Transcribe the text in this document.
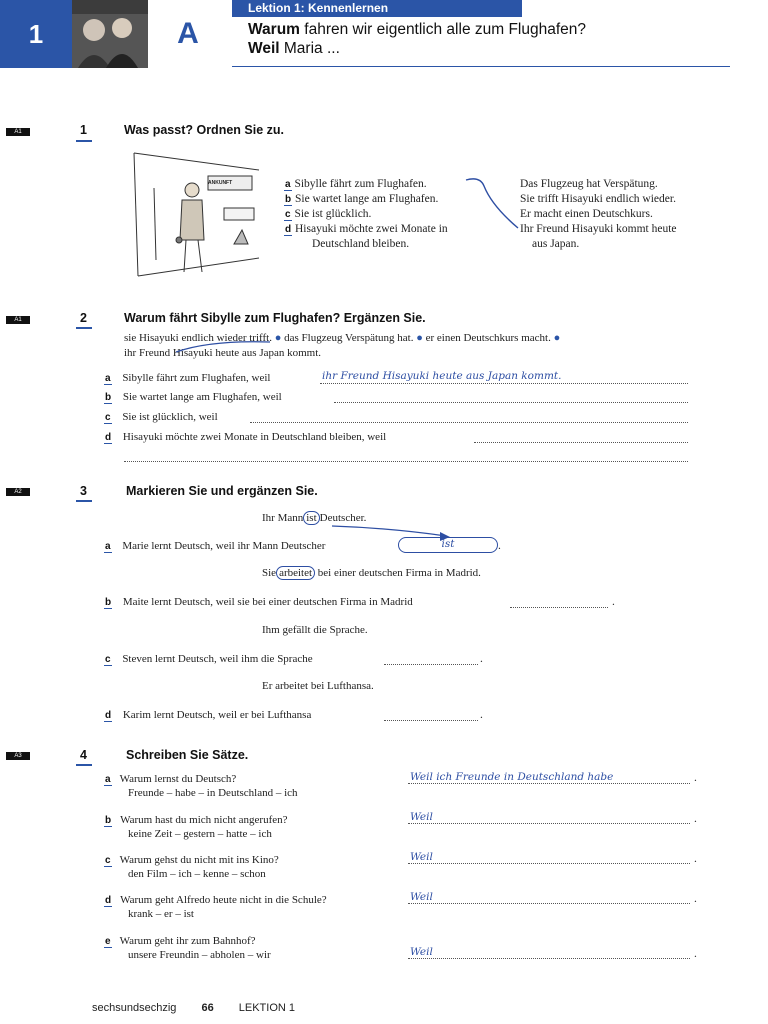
1	A
Lektion 1: Kennenlernen
Warum fahren wir eigentlich alle zum Flughafen?
Weil Maria ...
A1	1	Was passt? Ordnen Sie zu.
ANKUNFT	a Sibylle fährt zum Flughafen.
b Sie wartet lange am Flughafen.
c Sie ist glücklich.
d Hisayuki möchte zwei Monate in
Deutschland bleiben.
Das Flugzeug hat Verspätung.
Sie trifft Hisayuki endlich wieder.
Er macht einen Deutschkurs.
Ihr Freund Hisayuki kommt heute
aus Japan.
A1	2	Warum fährt Sibylle zum Flughafen? Ergänzen Sie.
sie Hisayuki endlich wieder trifft. ● das Flugzeug Verspätung hat. ● er einen Deutschkurs macht. ●
ihr Freund Hisayuki heute aus Japan kommt.
a Sibylle fährt zum Flughafen, weil	ihr Freund Hisayuki heute aus Japan kommt.
b Sie wartet lange am Flughafen, weil
c Sie ist glücklich, weil
d Hisayuki möchte zwei Monate in Deutschland bleiben, weil
A2	3	Markieren Sie und ergänzen Sie.
Ihr Mann ist Deutscher.
a Marie lernt Deutsch, weil ihr Mann Deutscher	ist	.
Sie arbeitet bei einer deutschen Firma in Madrid.
b Maite lernt Deutsch, weil sie bei einer deutschen Firma in Madrid	.
Ihm gefällt die Sprache.
c Steven lernt Deutsch, weil ihm die Sprache	.
Er arbeitet bei Lufthansa.
d Karim lernt Deutsch, weil er bei Lufthansa	.
A3	4	Schreiben Sie Sätze.
a Warum lernst du Deutsch?
Freunde – habe – in Deutschland – ich
Weil ich Freunde in Deutschland habe	.
b Warum hast du mich nicht angerufen?
keine Zeit – gestern – hatte – ich
Weil	.
c Warum gehst du nicht mit ins Kino?
den Film – ich – kenne – schon
Weil	.
d Warum geht Alfredo heute nicht in die Schule?
krank – er – ist
Weil	.
e Warum geht ihr zum Bahnhof?
unsere Freundin – abholen – wir	Weil	.
sechsundsechzig 66 LEKTION 1
